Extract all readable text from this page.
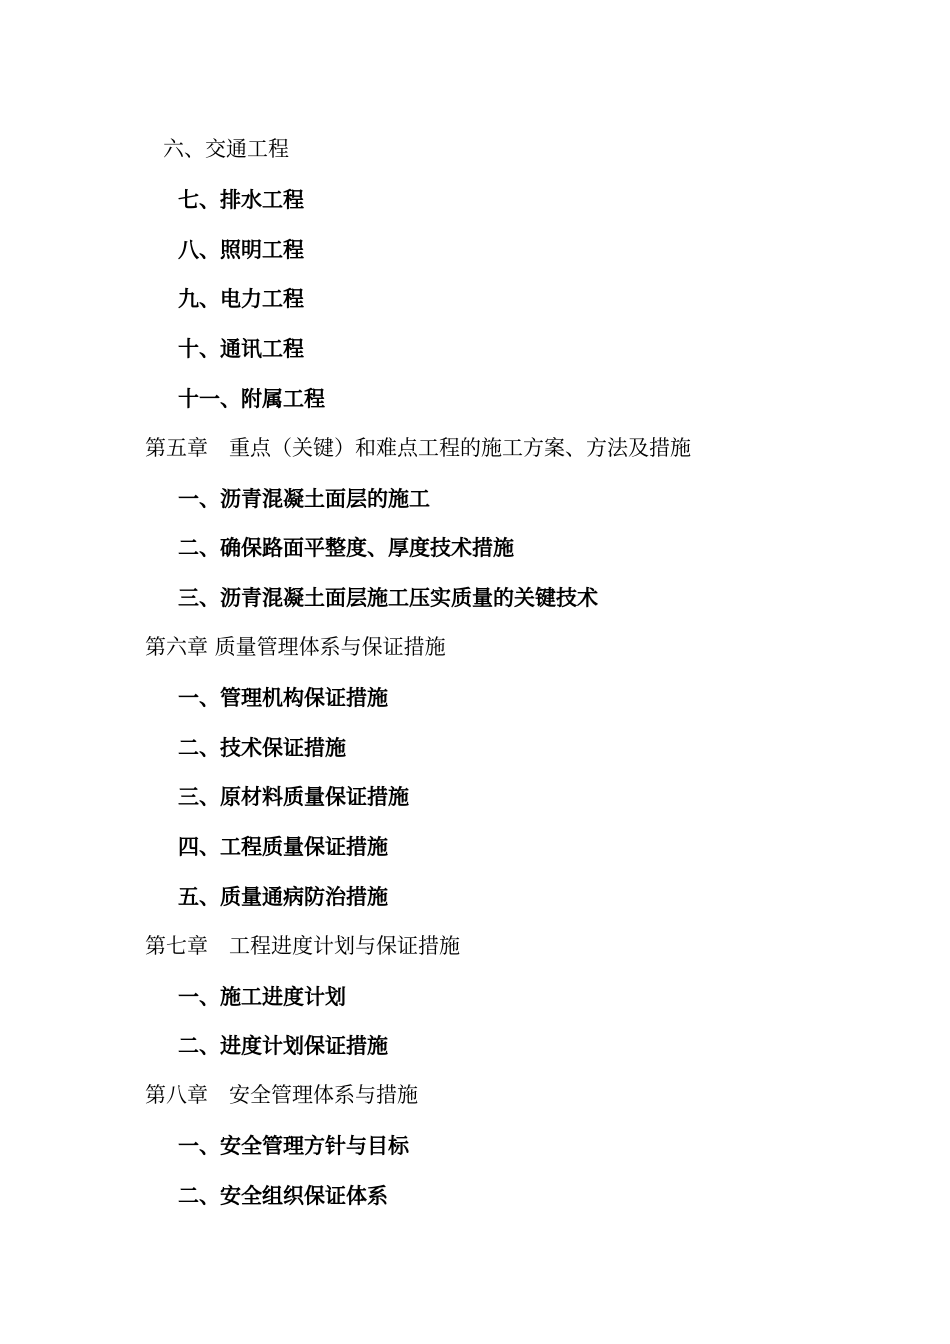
六、交通工程
七、排水工程
八、照明工程
九、电力工程
十、通讯工程
十一、附属工程
第五章　重点（关键）和难点工程的施工方案、方法及措施
一、沥青混凝土面层的施工
二、确保路面平整度、厚度技术措施
三、沥青混凝土面层施工压实质量的关键技术
第六章 质量管理体系与保证措施
一、管理机构保证措施
二、技术保证措施
三、原材料质量保证措施
四、工程质量保证措施
五、质量通病防治措施
第七章　工程进度计划与保证措施
一、施工进度计划
二、进度计划保证措施
第八章　安全管理体系与措施
一、安全管理方针与目标
二、安全组织保证体系
